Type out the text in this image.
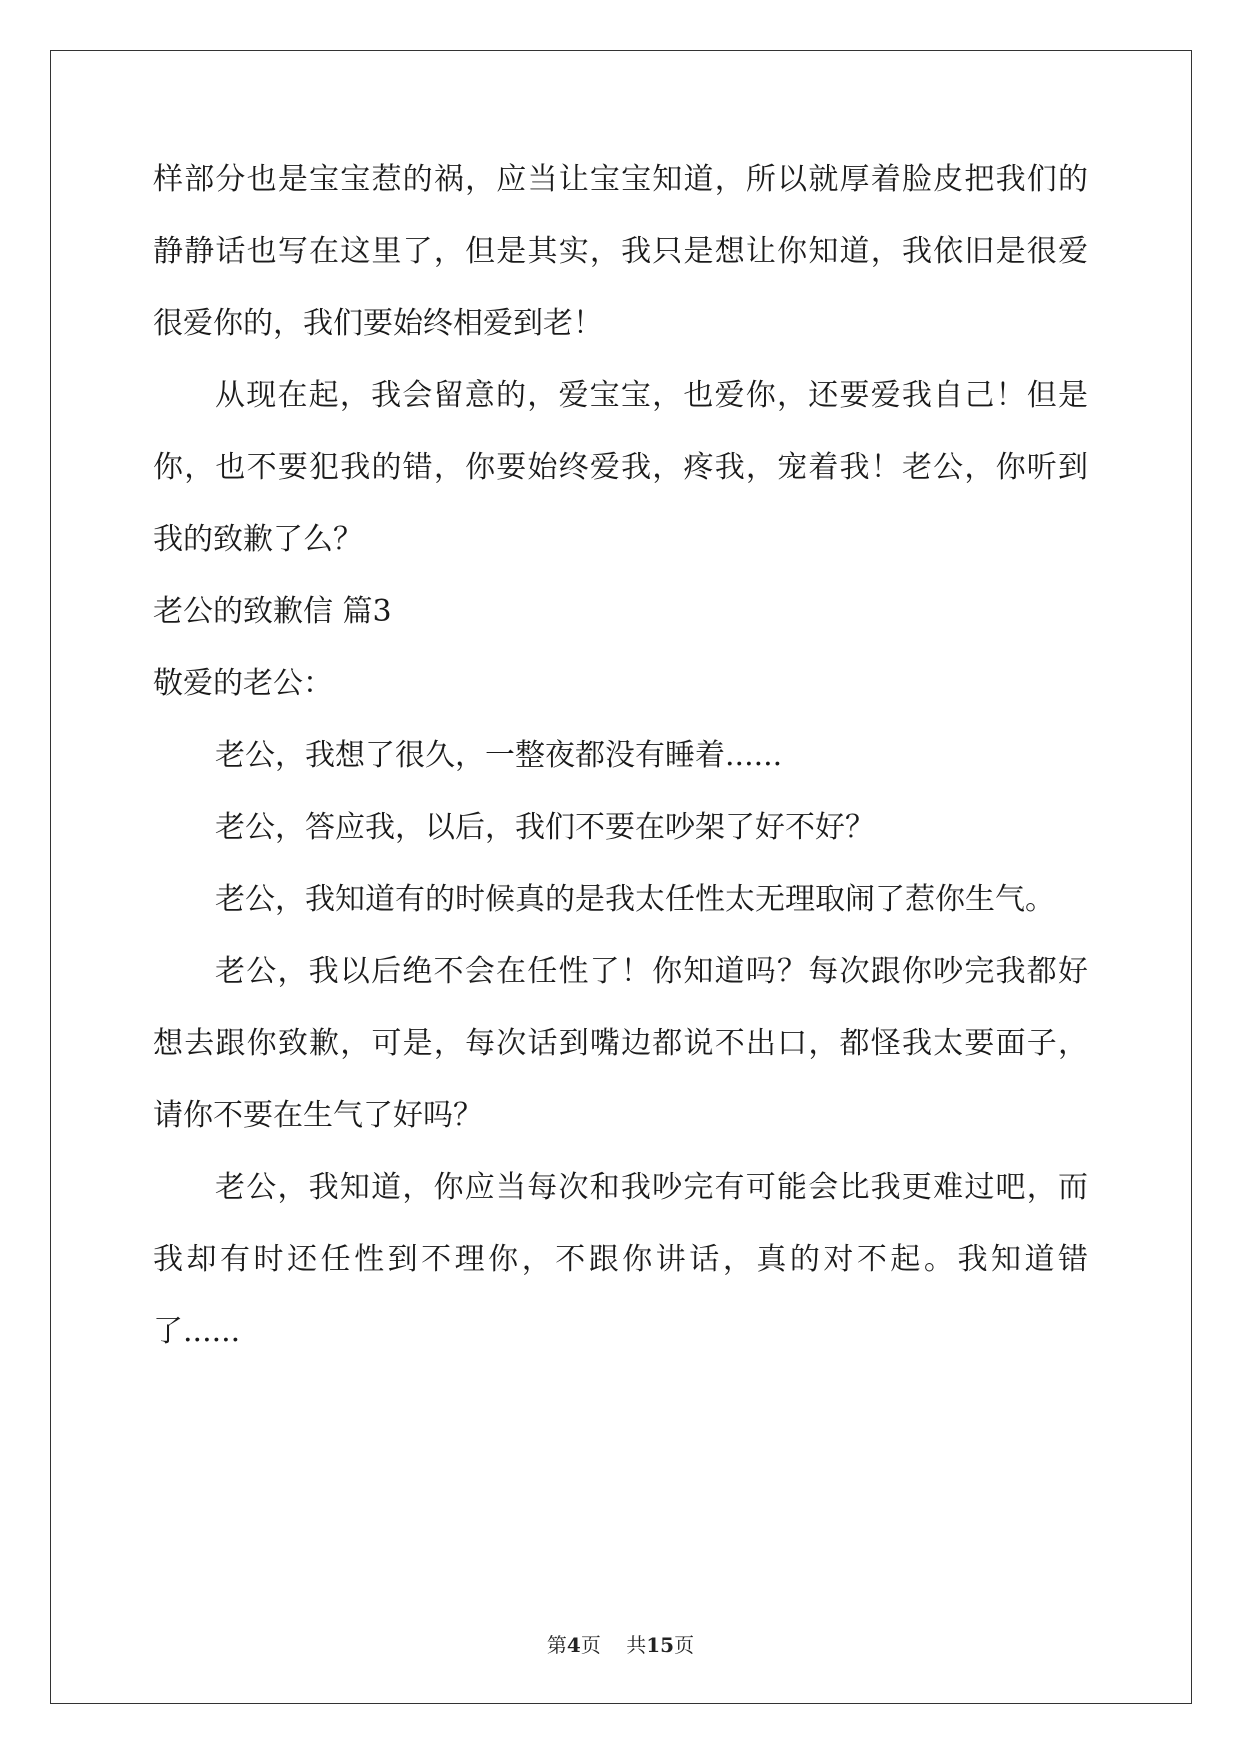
样部分也是宝宝惹的祸，应当让宝宝知道，所以就厚着脸皮把我们的
静静话也写在这里了，但是其实，我只是想让你知道，我依旧是很爱
很爱你的，我们要始终相爱到老！
从现在起，我会留意的，爱宝宝，也爱你，还要爱我自己！但是
你，也不要犯我的错，你要始终爱我，疼我，宠着我！老公，你听到
我的致歉了么？
老公的致歉信 篇3
敬爱的老公：
老公，我想了很久，一整夜都没有睡着......
老公，答应我，以后，我们不要在吵架了好不好？
老公，我知道有的时候真的是我太任性太无理取闹了惹你生气。
老公，我以后绝不会在任性了！你知道吗？每次跟你吵完我都好
想去跟你致歉，可是，每次话到嘴边都说不出口，都怪我太要面子，
请你不要在生气了好吗？
老公，我知道，你应当每次和我吵完有可能会比我更难过吧，而
我却有时还任性到不理你，不跟你讲话，真的对不起。我知道错
了......
第4页    共15页
